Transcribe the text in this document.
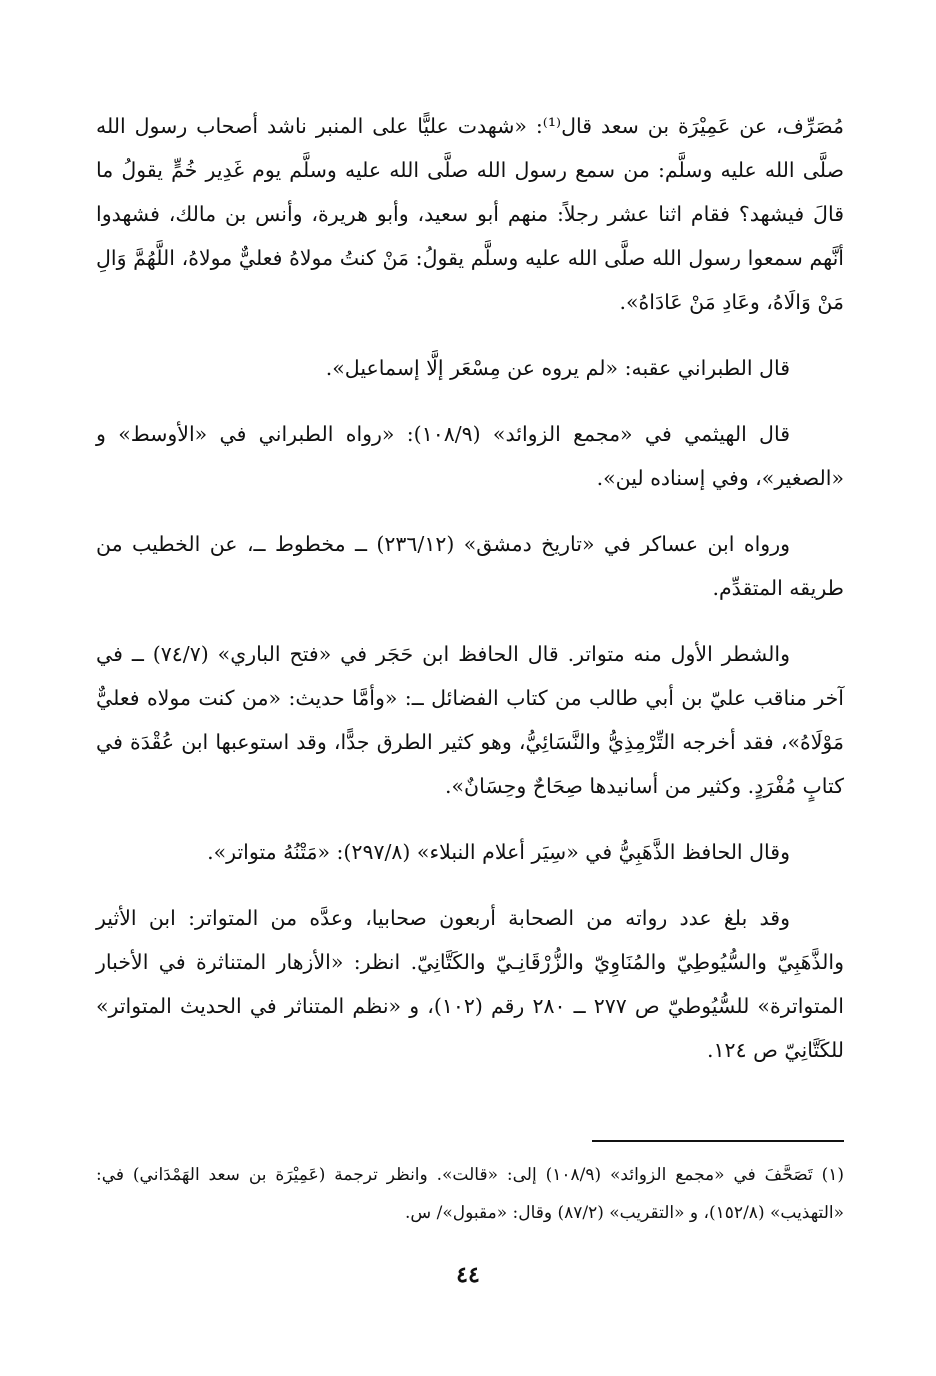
مُصَرِّف، عن عَمِيْرَة بن سعد قال⁽¹⁾: «شهدت عليًّا على المنبر ناشد أصحاب رسول الله صلَّى الله عليه وسلَّم: من سمع رسول الله صلَّى الله عليه وسلَّم يوم غَدِير خُمٍّ يقولُ ما قالَ فيشهد؟ فقام اثنا عشر رجلاً: منهم أبو سعيد، وأبو هريرة، وأنس بن مالك، فشهدوا أنَّهم سمعوا رسول الله صلَّى الله عليه وسلَّم يقولُ: مَنْ كنتُ مولاهُ فعليٌّ مولاهُ، اللَّهُمَّ وَالِ مَنْ وَالَاهُ، وعَادِ مَنْ عَادَاهُ».

قال الطبراني عقبه: «لم يروه عن مِسْعَر إلَّا إسماعيل».

قال الهيثمي في «مجمع الزوائد» (١٠٨/٩): «رواه الطبراني في «الأوسط» و «الصغير»، وفي إسناده لين».

ورواه ابن عساكر في «تاريخ دمشق» (٢٣٦/١٢) ــ مخطوط ــ، عن الخطيب من طريقه المتقدِّم.

والشطر الأول منه متواتر. قال الحافظ ابن حَجَر في «فتح الباري» (٧٤/٧) ــ في آخر مناقب عليّ بن أبي طالب من كتاب الفضائل ــ: «وأمَّا حديث: «من كنت مولاه فعليٌّ مَوْلَاهُ»، فقد أخرجه التِّرْمِذِيُّ والنَّسَائِيُّ، وهو كثير الطرق جدًّا، وقد استوعبها ابن عُقْدَة في كتابٍ مُفْرَدٍ. وكثير من أسانيدها صِحَاحٌ وحِسَانٌ».

وقال الحافظ الذَّهَبِيُّ في «سِيَر أعلام النبلاء» (٢٩٧/٨): «مَتْنُهُ متواتر».

وقد بلغ عدد رواته من الصحابة أربعون صحابيا، وعدَّه من المتواتر: ابن الأثير والذَّهَبِيّ والسُّيُوطِيّ والمُنَاوِيّ والزُّرْقَانِـيّ والكَتَّانِيّ. انظر: «الأزهار المتناثرة في الأخبار المتواترة» للسُّيُوطيّ ص ٢٧٧ ــ ٢٨٠ رقم (١٠٢)، و «نظم المتناثر في الحديث المتواتر» للكَتَّانِيّ ص ١٢٤.

(١) تَصَحَّفَ في «مجمع الزوائد» (١٠٨/٩) إلى: «قالت». وانظر ترجمة (عَمِيْرَة بن سعد الهَمْدَاني) في: «التهذيب» (١٥٢/٨)، و «التقريب» (٨٧/٢) وقال: «مقبول»/ س.

٤٤
